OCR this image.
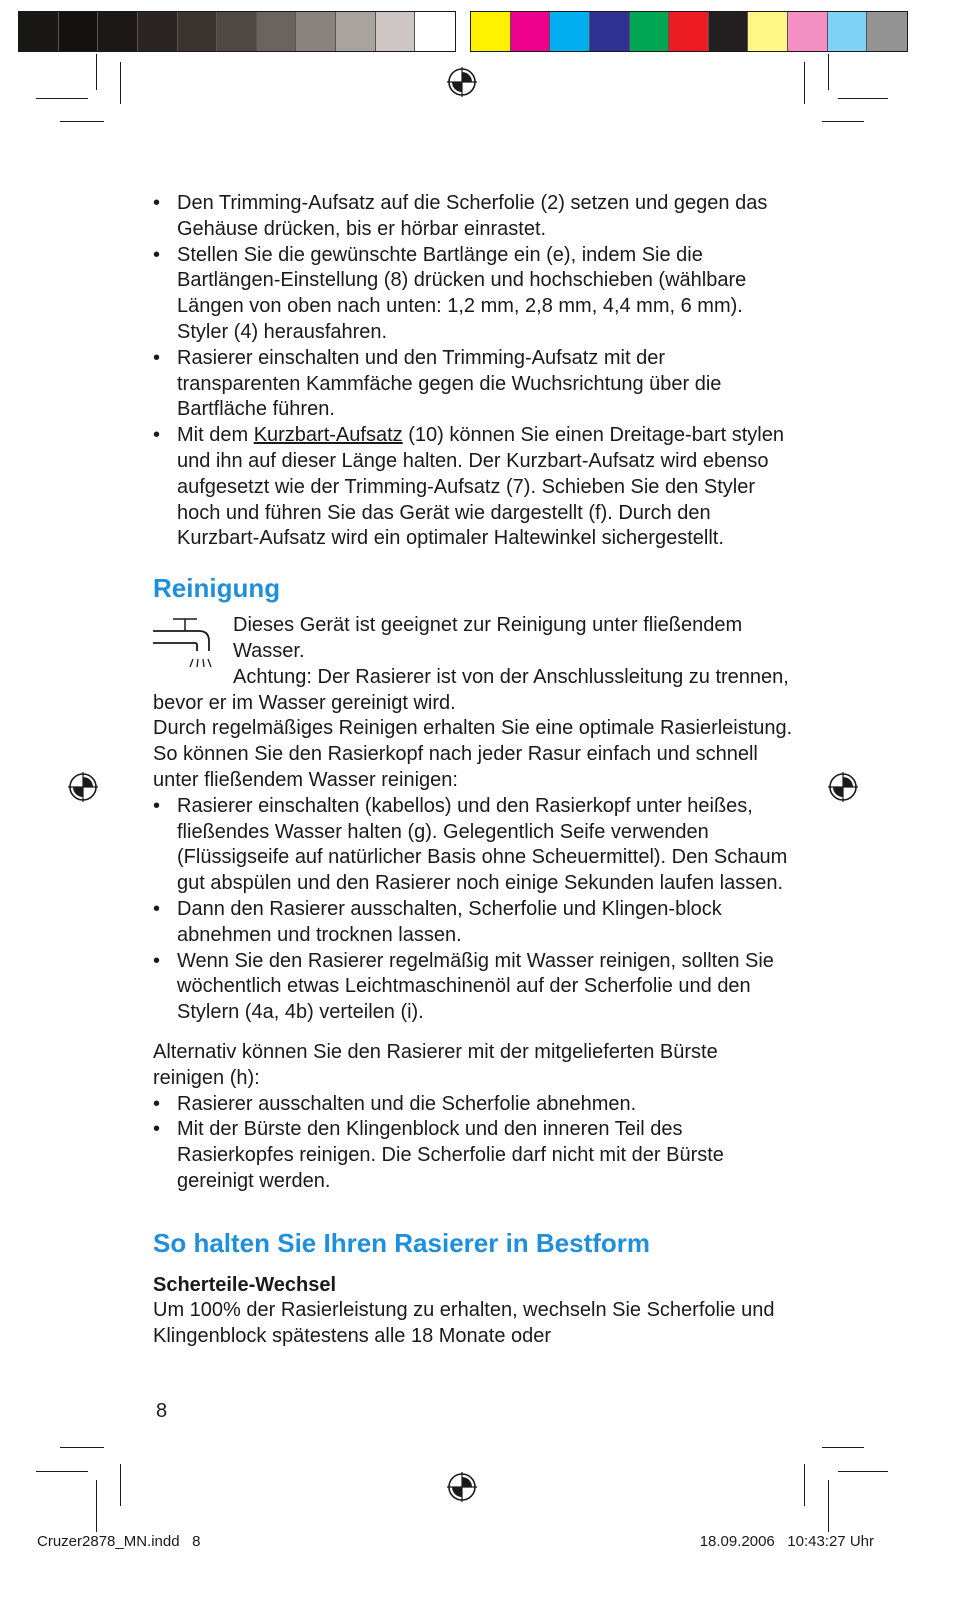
• Den Trimming-Aufsatz auf die Scherfolie (2) setzen und gegen das Gehäuse drücken, bis er hörbar einrastet.
• Stellen Sie die gewünschte Bartlänge ein (e), indem Sie die Bartlängen-Einstellung (8) drücken und hochschieben (wählbare Längen von oben nach unten: 1,2 mm, 2,8 mm, 4,4 mm, 6 mm). Styler (4) herausfahren.
• Rasierer einschalten und den Trimming-Aufsatz mit der transparenten Kammfäche gegen die Wuchsrichtung über die Bartfläche führen.
• Mit dem Kurzbart-Aufsatz (10) können Sie einen Dreitage-bart stylen und ihn auf dieser Länge halten. Der Kurzbart-Aufsatz wird ebenso aufgesetzt wie der Trimming-Aufsatz (7). Schieben Sie den Styler hoch und führen Sie das Gerät wie dargestellt (f). Durch den Kurzbart-Aufsatz wird ein optimaler Haltewinkel sichergestellt.
Reinigung
Dieses Gerät ist geeignet zur Reinigung unter fließendem Wasser.
Achtung: Der Rasierer ist von der Anschlussleitung zu trennen, bevor er im Wasser gereinigt wird.
Durch regelmäßiges Reinigen erhalten Sie eine optimale Rasierleistung. So können Sie den Rasierkopf nach jeder Rasur einfach und schnell unter fließendem Wasser reinigen:
• Rasierer einschalten (kabellos) und den Rasierkopf unter heißes, fließendes Wasser halten (g). Gelegentlich Seife verwenden (Flüssigseife auf natürlicher Basis ohne Scheuermittel). Den Schaum gut abspülen und den Rasierer noch einige Sekunden laufen lassen.
• Dann den Rasierer ausschalten, Scherfolie und Klingen-block abnehmen und trocknen lassen.
• Wenn Sie den Rasierer regelmäßig mit Wasser reinigen, sollten Sie wöchentlich etwas Leichtmaschinenöl auf der Scherfolie und den Stylern (4a, 4b) verteilen (i).
Alternativ können Sie den Rasierer mit der mitgelieferten Bürste reinigen (h):
• Rasierer ausschalten und die Scherfolie abnehmen.
• Mit der Bürste den Klingenblock und den inneren Teil des Rasierkopfes reinigen. Die Scherfolie darf nicht mit der Bürste gereinigt werden.
So halten Sie Ihren Rasierer in Bestform
Scherteile-Wechsel
Um 100% der Rasierleistung zu erhalten, wechseln Sie Scherfolie und Klingenblock spätestens alle 18 Monate oder
8
Cruzer2878_MN.indd   8	18.09.2006   10:43:27 Uhr
